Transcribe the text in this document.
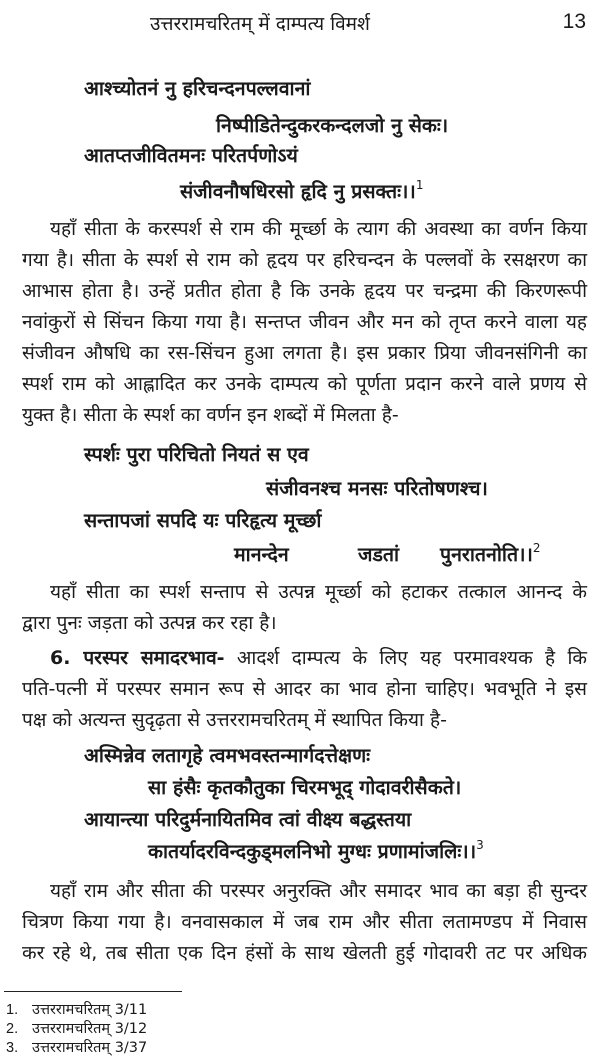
उत्तररामचरितम् में दाम्पत्य विमर्श	13
आश्च्योतनं नु हरिचन्दनपल्लवानां
निष्पीडितेन्दुकरकन्दलजो नु सेकः।
आतप्तजीवितमनः परितर्पणोऽयं
संजीवनौषधिरसो हृदि नु प्रसक्तः।।$^1$
यहाँ सीता के करस्पर्श से राम की मूर्च्छा के त्याग की अवस्था का वर्णन किया
गया है। सीता के स्पर्श से राम को हृदय पर हरिचन्दन के पल्लवों के रसक्षरण का
आभास होता है। उन्हें प्रतीत होता है कि उनके हृदय पर चन्द्रमा की किरणरूपी
नवांकुरों से सिंचन किया गया है। सन्तप्त जीवन और मन को तृप्त करने वाला यह
संजीवन औषधि का रस-सिंचन हुआ लगता है। इस प्रकार प्रिया जीवनसंगिनी का
स्पर्श राम को आह्लादित कर उनके दाम्पत्य को पूर्णता प्रदान करने वाले प्रणय से
युक्त है। सीता के स्पर्श का वर्णन इन शब्दों में मिलता है-
स्पर्शः पुरा परिचितो नियतं स एव
संजीवनश्च मनसः परितोषणश्च।
सन्तापजां सपदि यः परिहृत्य मूर्च्छा
मानन्देन	जडतां पुनरातनोति।।$^2$
यहाँ सीता का स्पर्श सन्ताप से उत्पन्न मूर्च्छा को हटाकर तत्काल आनन्द के
द्वारा पुनः जड़ता को उत्पन्न कर रहा है।
6. परस्पर समादरभाव- आदर्श दाम्पत्य के लिए यह परमावश्यक है कि
पति-पत्नी में परस्पर समान रूप से आदर का भाव होना चाहिए। भवभूति ने इस
पक्ष को अत्यन्त सुदृढ़ता से उत्तररामचरितम् में स्थापित किया है-
अस्मिन्नेव लतागृहे त्वमभवस्तन्मार्गदत्तेक्षणः
सा हंसैः कृतकौतुका चिरमभूद् गोदावरीसैकते।
आयान्त्या परिदुर्मनायितमिव त्वां वीक्ष्य बद्धस्तया
कातर्यादरविन्दकुड्मलनिभो मुग्धः प्रणामांजलिः।।$^3$
यहाँ राम और सीता की परस्पर अनुरक्ति और समादर भाव का बड़ा ही सुन्दर
चित्रण किया गया है। वनवासकाल में जब राम और सीता लतामण्डप में निवास
कर रहे थे, तब सीता एक दिन हंसों के साथ खेलती हुई गोदावरी तट पर अधिक
1. उत्तररामचरितम् 3/11
2. उत्तररामचरितम् 3/12
3. उत्तररामचरितम् 3/37
